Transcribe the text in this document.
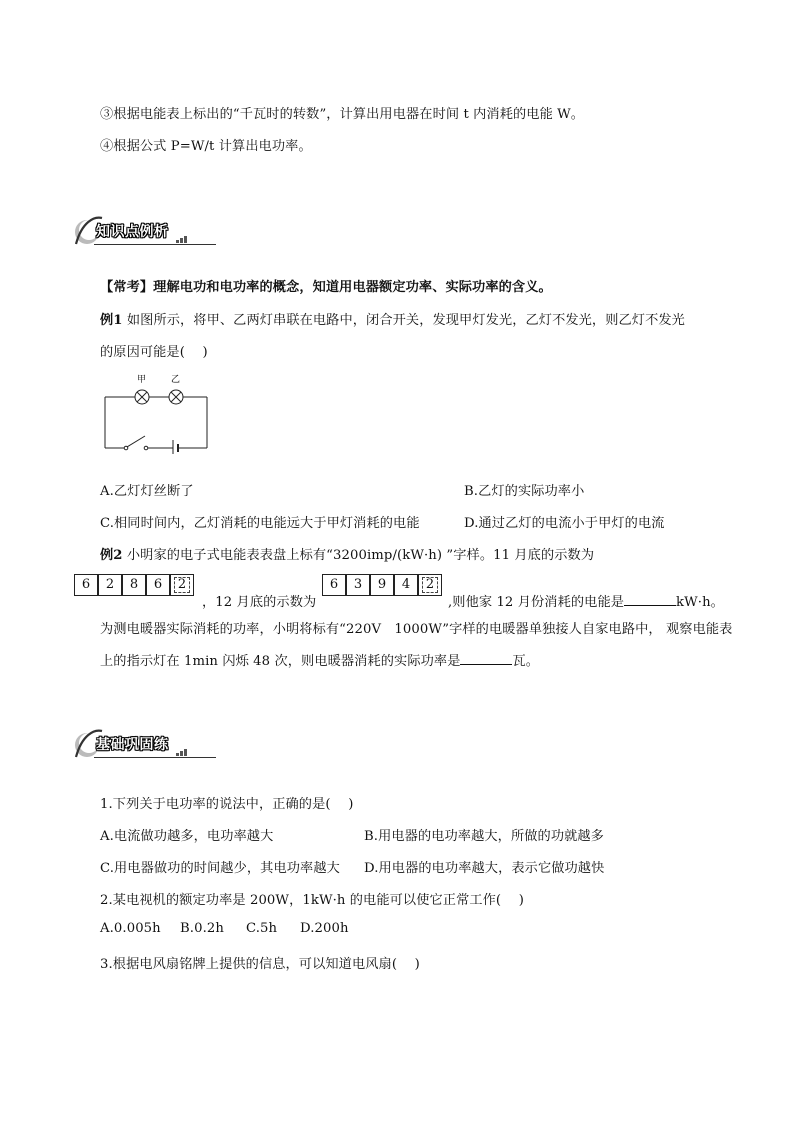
③根据电能表上标出的“千瓦时的转数”，计算出用电器在时间 t 内消耗的电能 W。
④根据公式 P=W/t 计算出电功率。
知识点例析
【常考】理解电功和电功率的概念，知道用电器额定功率、实际功率的含义。
例1 如图所示，将甲、乙两灯串联在电路中，闭合开关，发现甲灯发光，乙灯不发光，则乙灯不发光
的原因可能是(　 )
甲	乙
A.乙灯灯丝断了	B.乙灯的实际功率小
C.相同时间内，乙灯消耗的电能远大于甲灯消耗的电能	D.通过乙灯的电流小于甲灯的电流
例2 小明家的电子式电能表表盘上标有“3200imp/(kW·h) ”字样。11 月底的示数为
6	2	8	6	2
，12 月底的示数为
6	3	9	4	2
,则他家 12 月份消耗的电能是	kW·h。
为测电暖器实际消耗的功率，小明将标有“220V　1000W”字样的电暖器单独接人自家电路中， 观察电能表
上的指示灯在 1min 闪烁 48 次，则电暖器消耗的实际功率是	瓦。
基础巩固练
1.下列关于电功率的说法中，正确的是(　 )
A.电流做功越多，电功率越大	B.用电器的电功率越大，所做的功就越多
C.用电器做功的时间越少，其电功率越大 D.用电器的电功率越大，表示它做功越快
2.某电视机的额定功率是 200W，1kW·h 的电能可以使它正常工作(　 )
A.0.005h B.0.2h C.5h D.200h
3.根据电风扇铭牌上提供的信息，可以知道电风扇(　 )
